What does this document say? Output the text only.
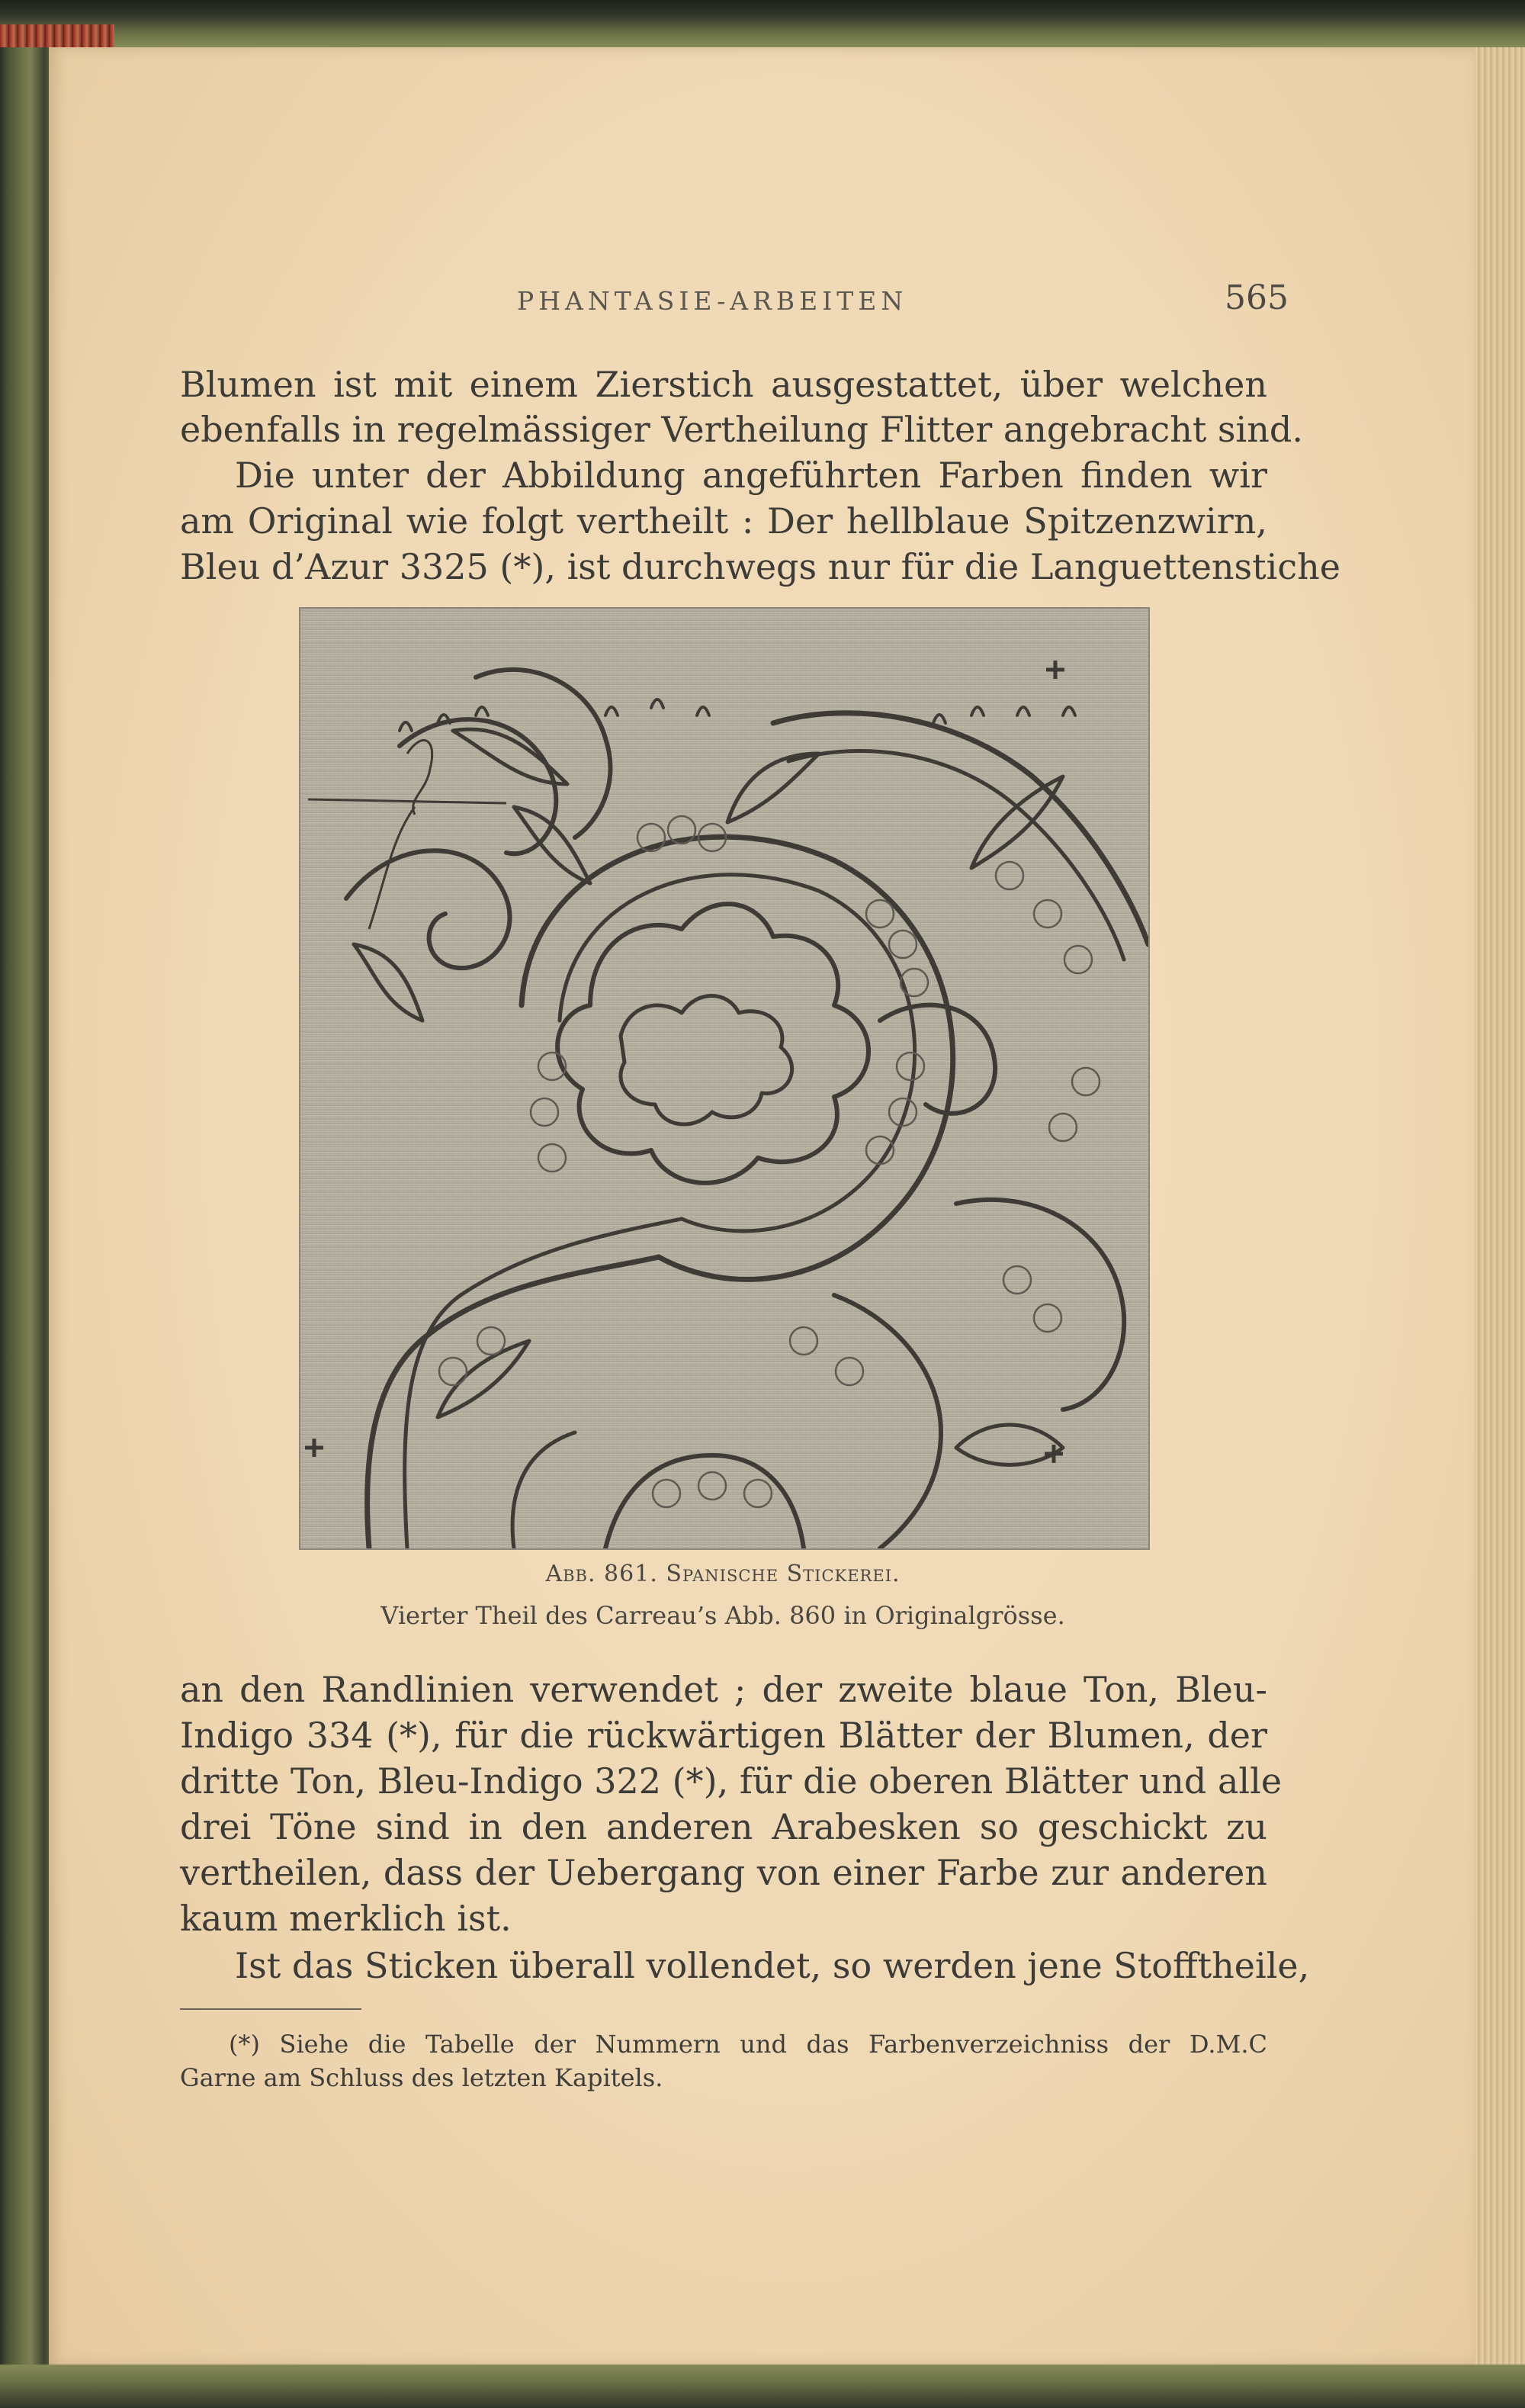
PHANTASIE-ARBEITEN	565
Blumen ist mit einem Zierstich ausgestattet, über welchen
ebenfalls in regelmässiger Vertheilung Flitter angebracht sind.
Die unter der Abbildung angeführten Farben finden wir
am Original wie folgt vertheilt : Der hellblaue Spitzenzwirn,
Bleu d’Azur 3325 (*), ist durchwegs nur für die Languettenstiche
Abb. 861. Spanische Stickerei.
Vierter Theil des Carreau’s Abb. 860 in Originalgrösse.
an den Randlinien verwendet ; der zweite blaue Ton, Bleu-
Indigo 334 (*), für die rückwärtigen Blätter der Blumen, der
dritte Ton, Bleu-Indigo 322 (*), für die oberen Blätter und alle
drei Töne sind in den anderen Arabesken so geschickt zu
vertheilen, dass der Uebergang von einer Farbe zur anderen
kaum merklich ist.
Ist das Sticken überall vollendet, so werden jene Stofftheile,
(*) Siehe die Tabelle der Nummern und das Farbenverzeichniss der D.M.C
Garne am Schluss des letzten Kapitels.
